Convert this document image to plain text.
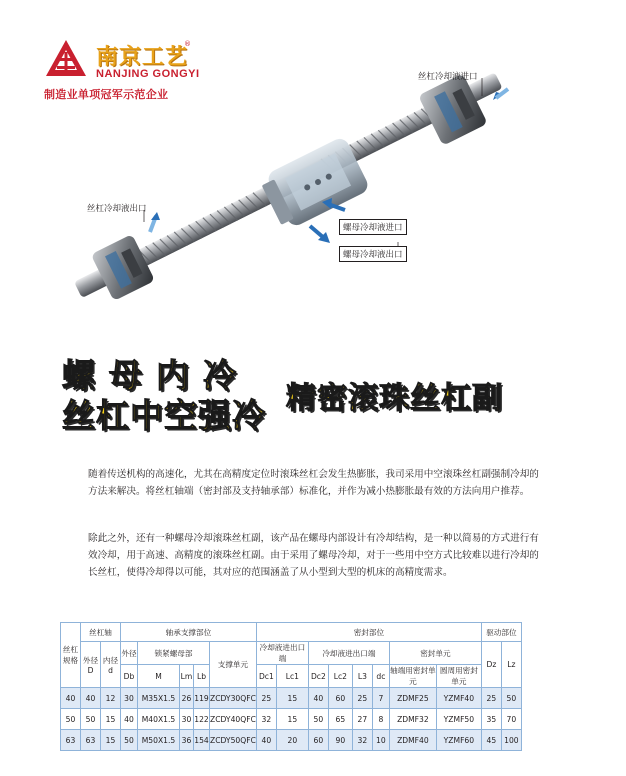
南京工艺
®
NANJING GONGYI
制造业单项冠军示范企业
丝杠冷却液进口
丝杠冷却液出口
螺母冷却液进口
螺母冷却液出口
螺母内冷
丝杠中空强冷 精密滚珠丝杠副
随着传送机构的高速化，尤其在高精度定位时滚珠丝杠会发生热膨胀，我司采用中空滚珠丝杠副强制冷却的方法来解决。将丝杠轴端（密封部及支持轴承部）标准化，并作为减小热膨胀最有效的方法向用户推荐。
除此之外，还有一种螺母冷却滚珠丝杠副，该产品在螺母内部设计有冷却结构，是一种以简易的方式进行有效冷却，用于高速、高精度的滚珠丝杠副。由于采用了螺母冷却，对于一些用中空方式比较难以进行冷却的长丝杠，使得冷却得以可能，其对应的范围涵盖了从小型到大型的机床的高精度需求。
丝杠规格	丝杠轴		轴承支撑部位					密封部位								驱动部位	
	外径D	内径d	外径	锁紧螺母部			支撑单元	冷却液进出口端		冷却液进出口端				密封单元		Dz	Lz
			Db	M	Lm	Lb		Dc1	Lc1	Dc2	Lc2	L3	dc	轴端用密封单元	圆周用密封单元		
40	40	12	30	M35X1.5	26	119	ZCDY30QFC	25	15	40	60	25	7	ZDMF25	YZMF40	25	50
50	50	15	40	M40X1.5	30	122	ZCDY40QFC	32	15	50	65	27	8	ZDMF32	YZMF50	35	70
63	63	15	50	M50X1.5	36	154	ZCDY50QFC	40	20	60	90	32	10	ZDMF40	YZMF60	45	100
